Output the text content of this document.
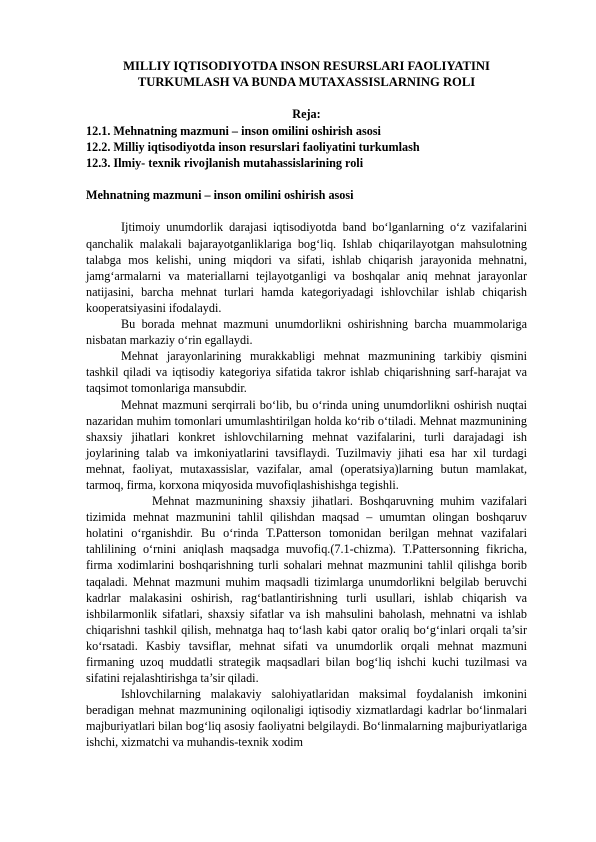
MILLIY IQTISODIYOTDA INSON RESURSLARI FAOLIYATINI TURKUMLASH VA BUNDA MUTAXASSISLARNING ROLI
Reja:
12.1. Mehnatning mazmuni – inson omilini oshirish asosi
12.2. Milliy iqtisodiyotda inson resurslari faoliyatini turkumlash
12.3. Ilmiy- texnik rivojlanish mutahassislarining roli
Mehnatning mazmuni – inson omilini oshirish asosi

Ijtimoiy unumdorlik darajasi iqtisodiyotda band bo‘lganlarning o‘z vazifalarini qanchalik malakali bajarayotganliklariga bog‘liq. Ishlab chiqarilayotgan mahsulotning talabga mos kelishi, uning miqdori va sifati, ishlab chiqarish jarayonida mehnatni, jamg‘armalarni va materiallarni tejlayotganligi va boshqalar aniq mehnat jarayonlar natijasini, barcha mehnat turlari hamda kategoriyadagi ishlovchilar ishlab chiqarish kooperatsiyasini ifodalaydi.

Bu borada mehnat mazmuni unumdorlikni oshirishning barcha muammolariga nisbatan markaziy o‘rin egallaydi.

Mehnat jarayonlarining murakkabligi mehnat mazmunining tarkibiy qismini tashkil qiladi va iqtisodiy kategoriya sifatida takror ishlab chiqarishning sarf-harajat va taqsimot tomonlariga mansubdir.

Mehnat mazmuni serqirrali bo‘lib, bu o‘rinda uning unumdorlikni oshirish nuqtai nazaridan muhim tomonlari umumlashtirilgan holda ko‘rib o‘tiladi. Mehnat mazmunining shaxsiy jihatlari konkret ishlovchilarning mehnat vazifalarini, turli darajadagi ish joylarining talab va imkoniyatlarini tavsiflaydi. Tuzilmaviy jihati esa har xil turdagi mehnat, faoliyat, mutaxassislar, vazifalar, amal (operatsiya)larning butun mamlakat, tarmoq, firma, korxona miqyosida muvofiqlashishishga tegishli.

Mehnat mazmunining shaxsiy jihatlari. Boshqaruvning muhim vazifalari tizimida mehnat mazmunini tahlil qilishdan maqsad – umumtan olingan boshqaruv holatini o‘rganishdir. Bu o‘rinda T.Patterson tomonidan berilgan mehnat vazifalari tahlilining o‘rnini aniqlash maqsadga muvofiq.(7.1-chizma). T.Pattersonning fikricha, firma xodimlarini boshqarishning turli sohalari mehnat mazmunini tahlil qilishga borib taqaladi. Mehnat mazmuni muhim maqsadli tizimlarga unumdorlikni belgilab beruvchi kadrlar malakasini oshirish, rag‘batlantirishning turli usullari, ishlab chiqarish va ishbilarmonlik sifatlari, shaxsiy sifatlar va ish mahsulini baholash, mehnatni va ishlab chiqarishni tashkil qilish, mehnatga haq to‘lash kabi qator oraliq bo‘g‘inlari orqali ta’sir ko‘rsatadi. Kasbiy tavsiflar, mehnat sifati va unumdorlik orqali mehnat mazmuni firmaning uzoq muddatli strategik maqsadlari bilan bog‘liq ishchi kuchi tuzilmasi va sifatini rejalashtirishga ta’sir qiladi.

Ishlovchilarning malakaviy salohiyatlaridan maksimal foydalanish imkonini beradigan mehnat mazmunining oqilonaligi iqtisodiy xizmatlardagi kadrlar bo‘linmalari majburiyatlari bilan bog‘liq asosiy faoliyatni belgilaydi. Bo‘linmalarning majburiyatlariga ishchi, xizmatchi va muhandis-texnik xodim
